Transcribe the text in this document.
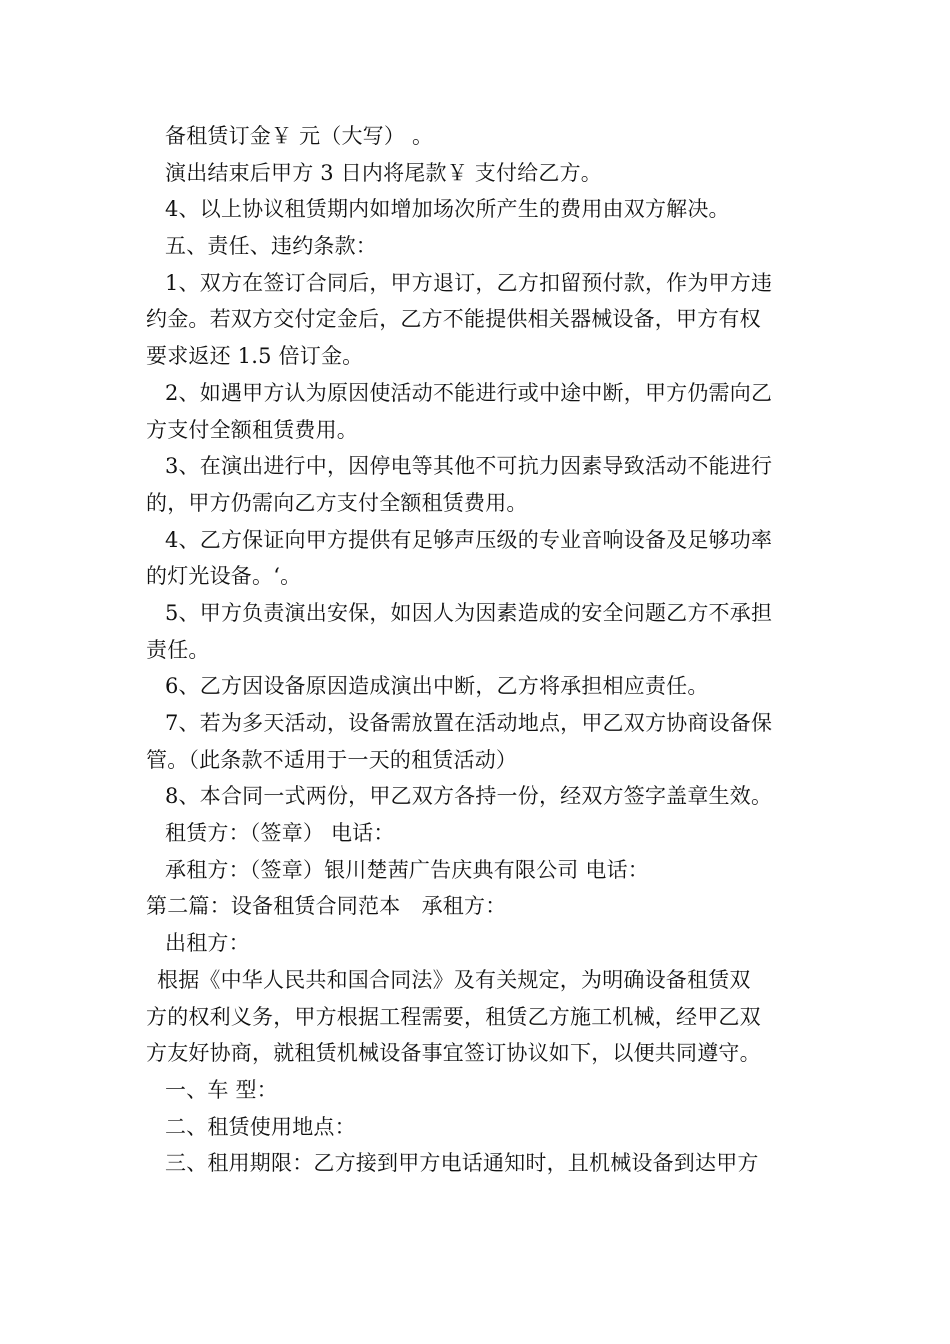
备租赁订金￥ 元（大写） 。
演出结束后甲方 3 日内将尾款￥ 支付给乙方。
4、以上协议租赁期内如增加场次所产生的费用由双方解决。
五、责任、违约条款：
1、双方在签订合同后，甲方退订，乙方扣留预付款，作为甲方违
约金。若双方交付定金后，乙方不能提供相关器械设备，甲方有权
要求返还 1.5 倍订金。
2、如遇甲方认为原因使活动不能进行或中途中断，甲方仍需向乙
方支付全额租赁费用。
3、在演出进行中，因停电等其他不可抗力因素导致活动不能进行
的，甲方仍需向乙方支付全额租赁费用。
4、乙方保证向甲方提供有足够声压级的专业音响设备及足够功率
的灯光设备。‘。
5、甲方负责演出安保，如因人为因素造成的安全问题乙方不承担
责任。
6、乙方因设备原因造成演出中断，乙方将承担相应责任。
7、若为多天活动，设备需放置在活动地点，甲乙双方协商设备保
管。（此条款不适用于一天的租赁活动）
8、本合同一式两份，甲乙双方各持一份，经双方签字盖章生效。
租赁方：（签章） 电话：
承租方：（签章）银川楚茜广告庆典有限公司 电话：
第二篇：设备租赁合同范本　承租方：
出租方：
根据《中华人民共和国合同法》及有关规定，为明确设备租赁双
方的权利义务，甲方根据工程需要，租赁乙方施工机械，经甲乙双
方友好协商，就租赁机械设备事宜签订协议如下，以便共同遵守。
一、车 型：
二、租赁使用地点：
三、租用期限：乙方接到甲方电话通知时，且机械设备到达甲方
